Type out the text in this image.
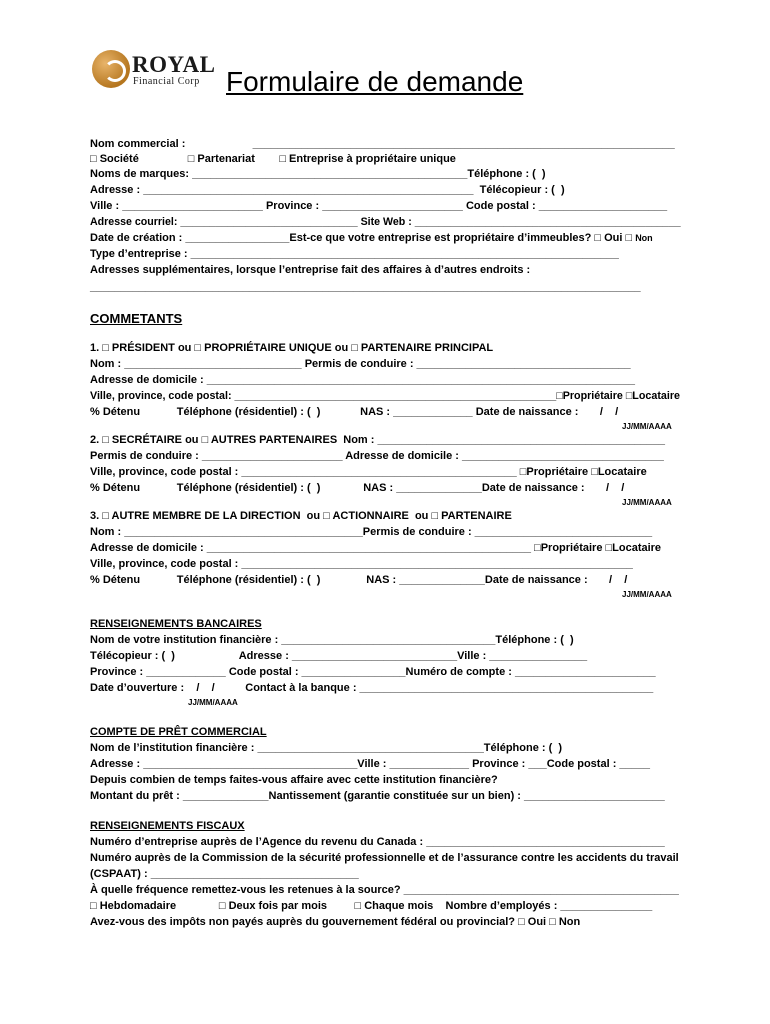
ROYAL
Financial Corp Formulaire de demande
Nom commercial :                      _____________________________________________________________________
□ Société                □ Partenariat        □ Entreprise à propriétaire unique
Noms de marques: _____________________________________________Téléphone : (  )
Adresse : ______________________________________________________  Télécopieur : (  )
Ville : _______________________ Province : _______________________ Code postal : _____________________
Adresse courriel: ______________________________ Site Web : _____________________________________________
Date de création : _________________Est-ce que votre entreprise est propriétaire d’immeubles? □ Oui □ Non
Type d’entreprise : ______________________________________________________________________
Adresses supplémentaires, lorsque l’entreprise fait des affaires à d’autres endroits :
__________________________________________________________________________________________
COMMETANTS
1. □ PRÉSIDENT ou □ PROPRIÉTAIRE UNIQUE ou □ PARTENAIRE PRINCIPAL
Nom : _____________________________ Permis de conduire : ___________________________________
Adresse de domicile : ______________________________________________________________________
Ville, province, code postal: ______________________________________________________□Propriétaire □Locataire
% Détenu            Téléphone (résidentiel) : (  )             NAS : _____________ Date de naissance :       /    /
JJ/MM/AAAA
2. □ SECRÉTAIRE ou □ AUTRES PARTENAIRES  Nom : _______________________________________________
Permis de conduire : _______________________ Adresse de domicile : _________________________________
Ville, province, code postal : _____________________________________________ □Propriétaire □Locataire
% Détenu            Téléphone (résidentiel) : (  )              NAS : ______________Date de naissance :       /    /
JJ/MM/AAAA
3. □ AUTRE MEMBRE DE LA DIRECTION  ou □ ACTIONNAIRE  ou □ PARTENAIRE
Nom : _______________________________________Permis de conduire : _____________________________
Adresse de domicile : _____________________________________________________ □Propriétaire □Locataire
Ville, province, code postal : ________________________________________________________________
% Détenu            Téléphone (résidentiel) : (  )               NAS : ______________Date de naissance :       /    /
JJ/MM/AAAA
RENSEIGNEMENTS BANCAIRES
Nom de votre institution financière : ___________________________________Téléphone : (  )
Télécopieur : (  )                     Adresse : ___________________________Ville : ________________
Province : _____________ Code postal : _________________Numéro de compte : _______________________
Date d’ouverture :    /    /          Contact à la banque : ________________________________________________
JJ/MM/AAAA
COMPTE DE PRÊT COMMERCIAL
Nom de l’institution financière : _____________________________________Téléphone : (  )
Adresse : ___________________________________Ville : _____________ Province : ___Code postal : _____
Depuis combien de temps faites-vous affaire avec cette institution financière?
Montant du prêt : ______________Nantissement (garantie constituée sur un bien) : _______________________
RENSEIGNEMENTS FISCAUX
Numéro d’entreprise auprès de l’Agence du revenu du Canada : _______________________________________
Numéro auprès de la Commission de la sécurité professionnelle et de l’assurance contre les accidents du travail
(CSPAAT) : __________________________________
À quelle fréquence remettez-vous les retenues à la source? _____________________________________________
□ Hebdomadaire              □ Deux fois par mois         □ Chaque mois    Nombre d’employés : _______________
Avez-vous des impôts non payés auprès du gouvernement fédéral ou provincial? □ Oui □ Non
